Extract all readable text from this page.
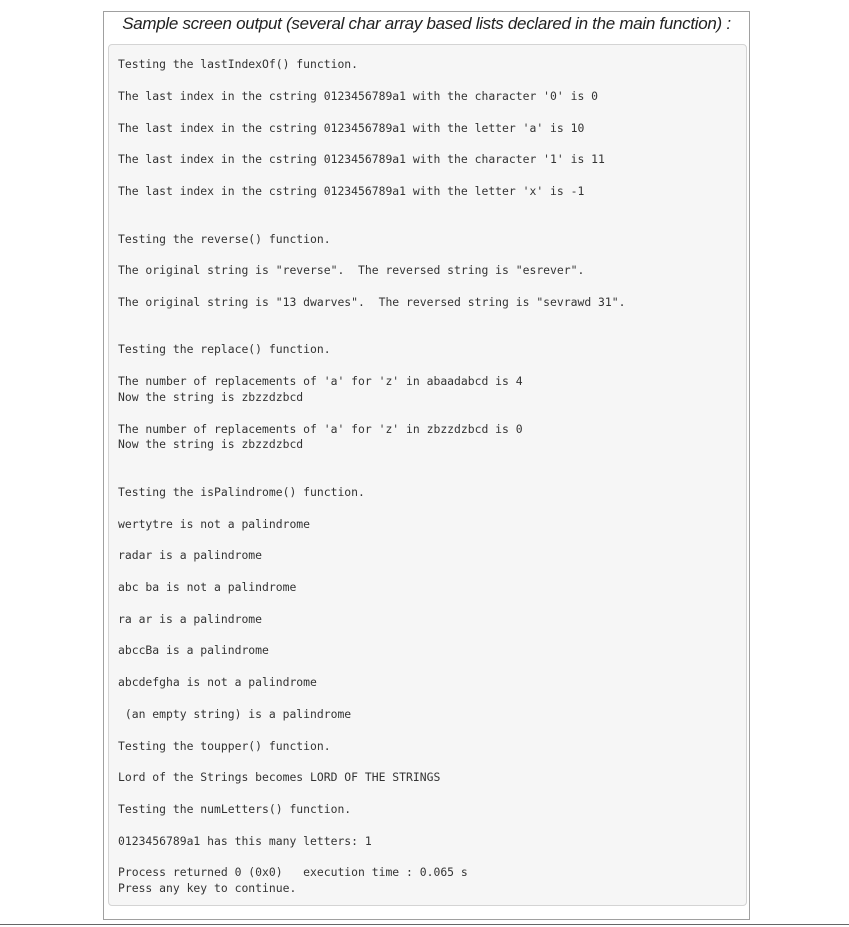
Sample screen output (several char array based lists declared in the main function) :
Testing the lastIndexOf() function.
The last index in the cstring 0123456789a1 with the character '0' is 0
The last index in the cstring 0123456789a1 with the letter 'a' is 10
The last index in the cstring 0123456789a1 with the character '1' is 11
The last index in the cstring 0123456789a1 with the letter 'x' is -1
Testing the reverse() function.
The original string is "reverse".  The reversed string is "esrever".
The original string is "13 dwarves".  The reversed string is "sevrawd 31".
Testing the replace() function.
The number of replacements of 'a' for 'z' in abaadabcd is 4
Now the string is zbzzdzbcd
The number of replacements of 'a' for 'z' in zbzzdzbcd is 0
Now the string is zbzzdzbcd
Testing the isPalindrome() function.
wertytre is not a palindrome
radar is a palindrome
abc ba is not a palindrome
ra ar is a palindrome
abccBa is a palindrome
abcdefgha is not a palindrome
(an empty string) is a palindrome
Testing the toupper() function.
Lord of the Strings becomes LORD OF THE STRINGS
Testing the numLetters() function.
0123456789a1 has this many letters: 1
Process returned 0 (0x0)   execution time : 0.065 s
Press any key to continue.
